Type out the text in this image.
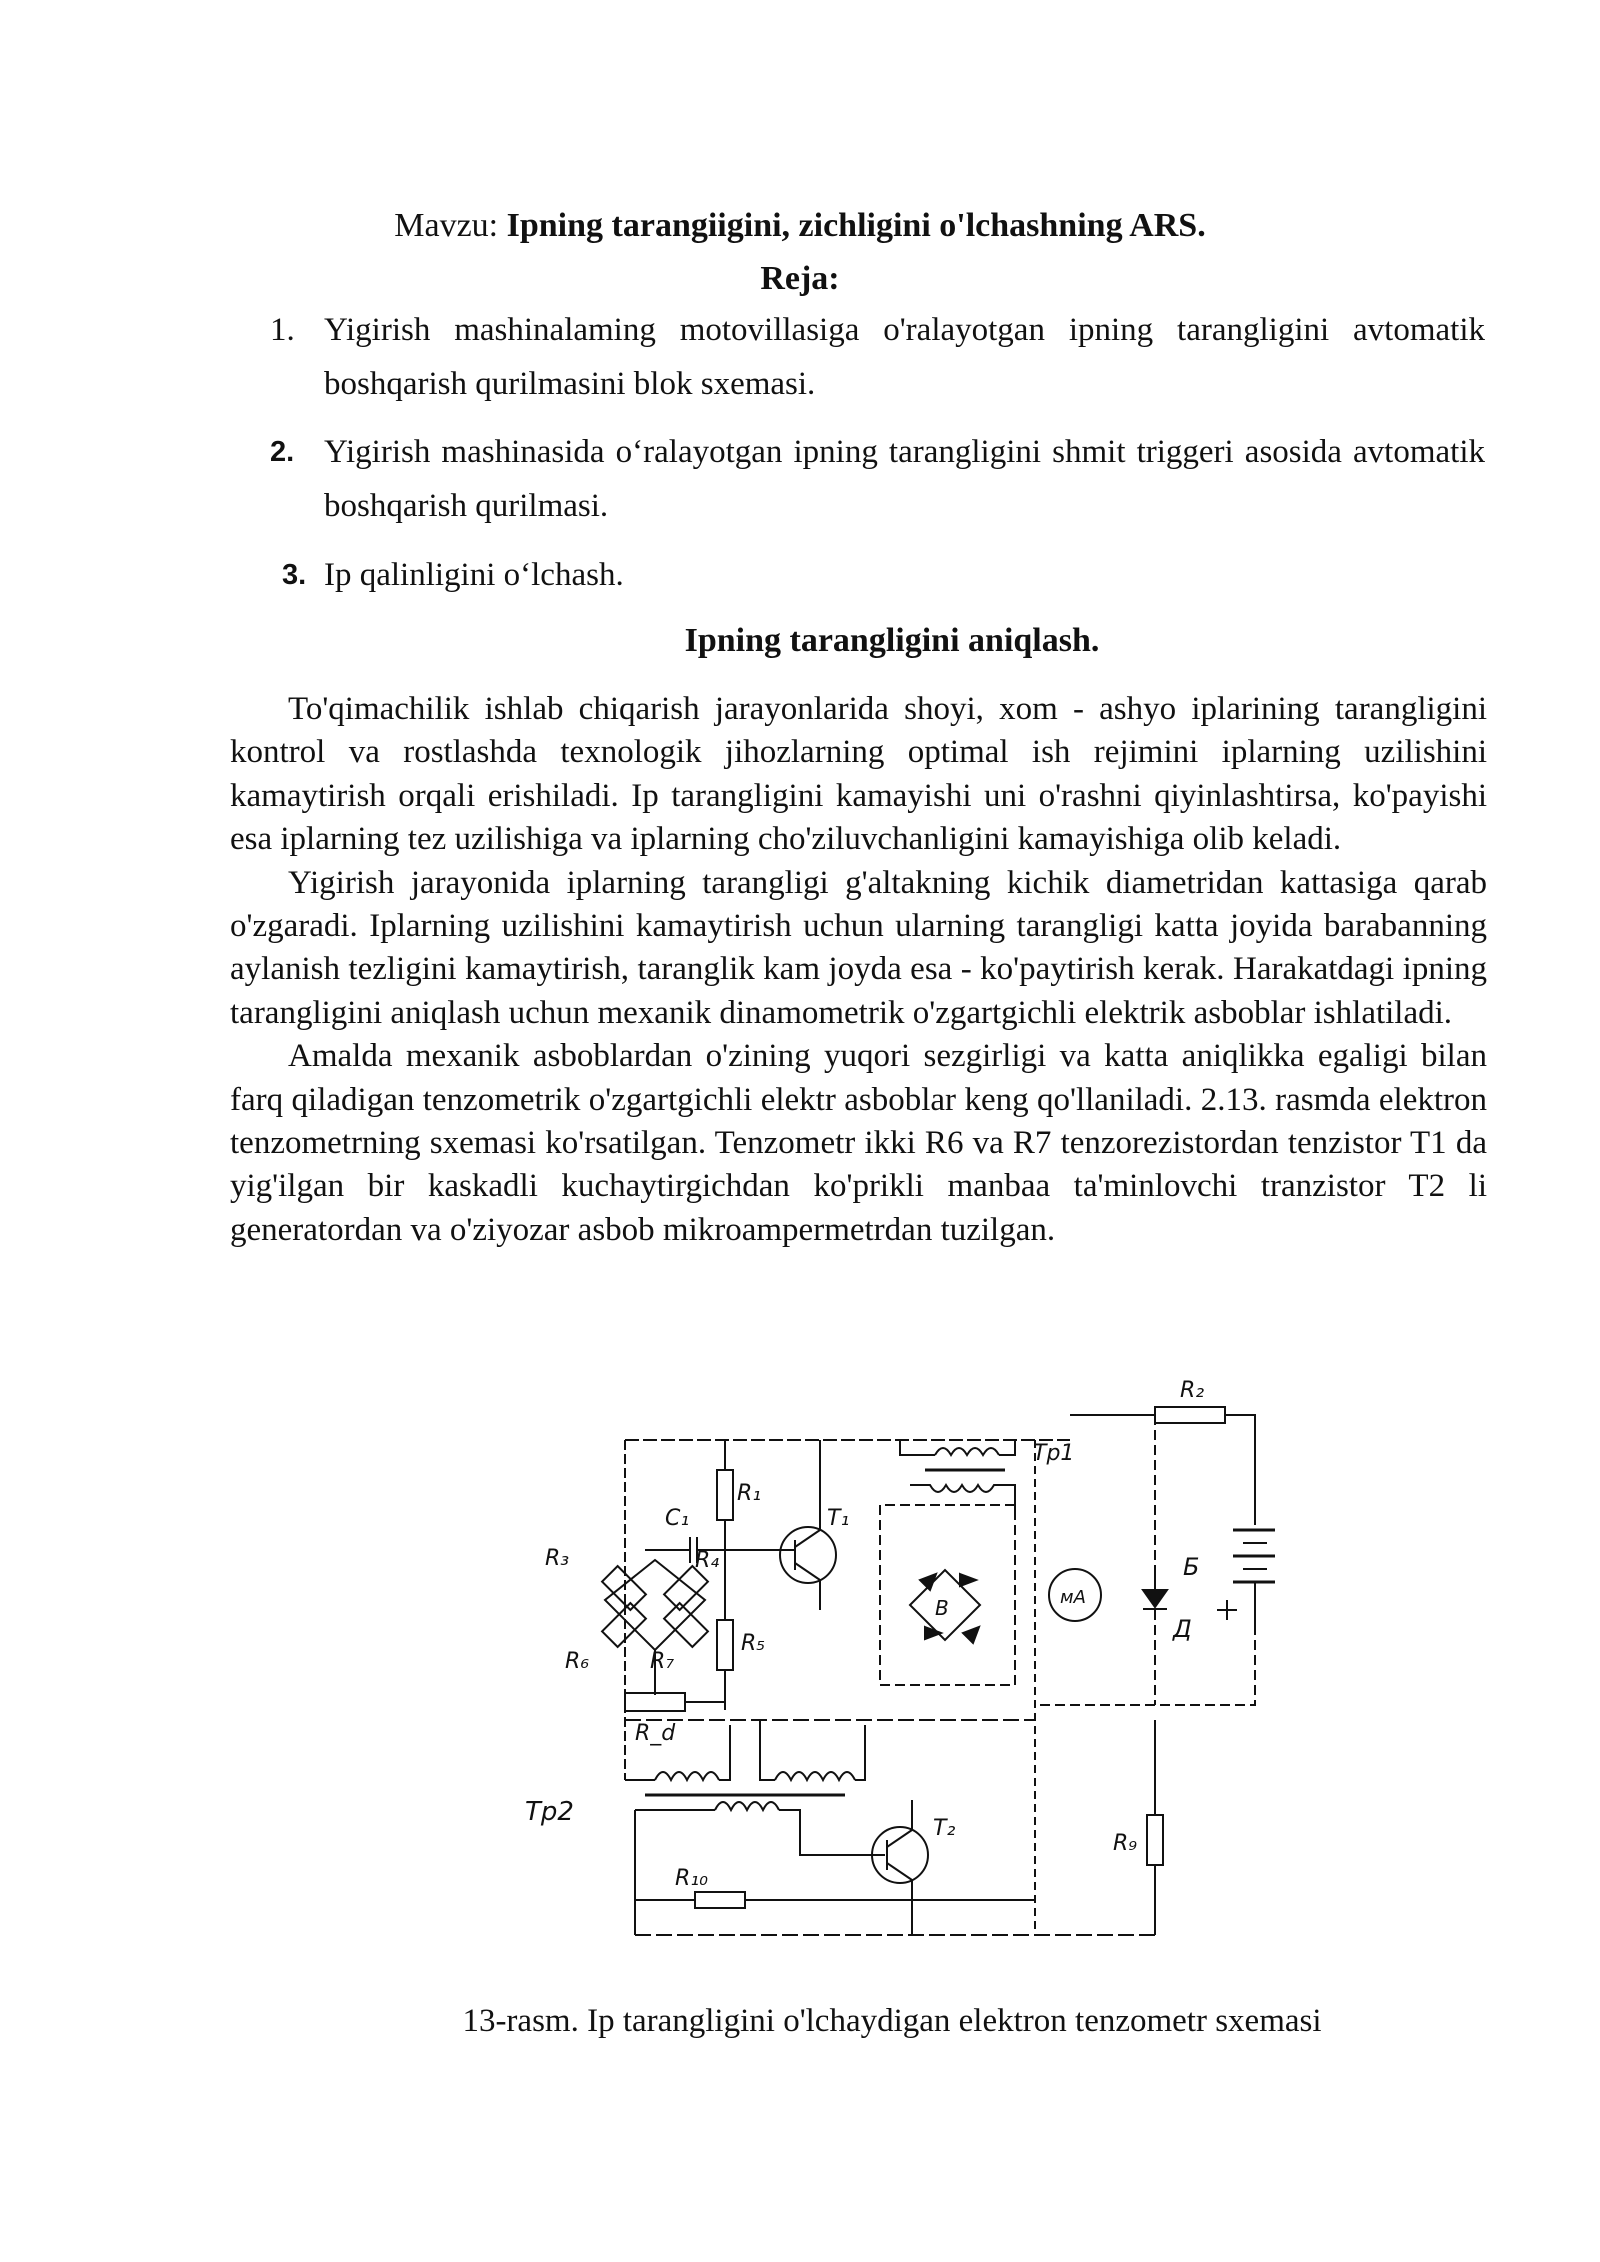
Mavzu: Ipning tarangiigini, zichligini o'lchashning ARS.
Reja:
1. Yigirish mashinalaming motovillasiga o'ralayotgan ipning tarangligini avtomatik boshqarish qurilmasini blok sxemasi.
2. Yigirish mashinasida o‘ralayotgan ipning tarangligini shmit triggeri asosida avtomatik boshqarish qurilmasi.
3. Ip qalinligini o‘lchash.
Ipning tarangligini aniqlash.

To'qimachilik ishlab chiqarish jarayonlarida shoyi, xom - ashyo iplarining tarangligini kontrol va rostlashda texnologik jihozlarning optimal ish rejimini iplarning uzilishini kamaytirish orqali erishiladi. Ip tarangligini kamayishi uni o'rashni qiyinlashtirsa, ko'payishi esa iplarning tez uzilishiga va iplarning cho'ziluvchanligini kamayishiga olib keladi.

Yigirish jarayonida iplarning tarangligi g'altakning kichik diametridan kattasiga qarab o'zgaradi. Iplarning uzilishini kamaytirish uchun ularning tarangligi katta joyida barabanning aylanish tezligini kamaytirish, taranglik kam joyda esa - ko'paytirish kerak. Harakatdagi ipning tarangligini aniqlash uchun mexanik dinamometrik o'zgartgichli elektrik asboblar ishlatiladi.

Amalda mexanik asboblardan o'zining yuqori sezgirligi va katta aniqlikka egaligi bilan farq qiladigan tenzometrik o'zgartgichli elektr asboblar keng qo'llaniladi. 2.13. rasmda elektron tenzometrning sxemasi ko'rsatilgan. Tenzometr ikki R6 va R7 tenzorezistordan tenzistor T1 da yig'ilgan bir kaskadli kuchaytirgichdan ko'prikli manbaa ta'minlovchi tranzistor T2 li generatordan va o'ziyozar asbob mikroampermetrdan tuzilgan.

R₁
R₂
R₃	R₄
R₅
R₆	R₇
R_d
R₉
R₁₀
C₁	T₁
T₂
Tp1
Tp2
мА
В
Б
Д
13-rasm. Ip tarangligini o'lchaydigan elektron tenzometr sxemasi
